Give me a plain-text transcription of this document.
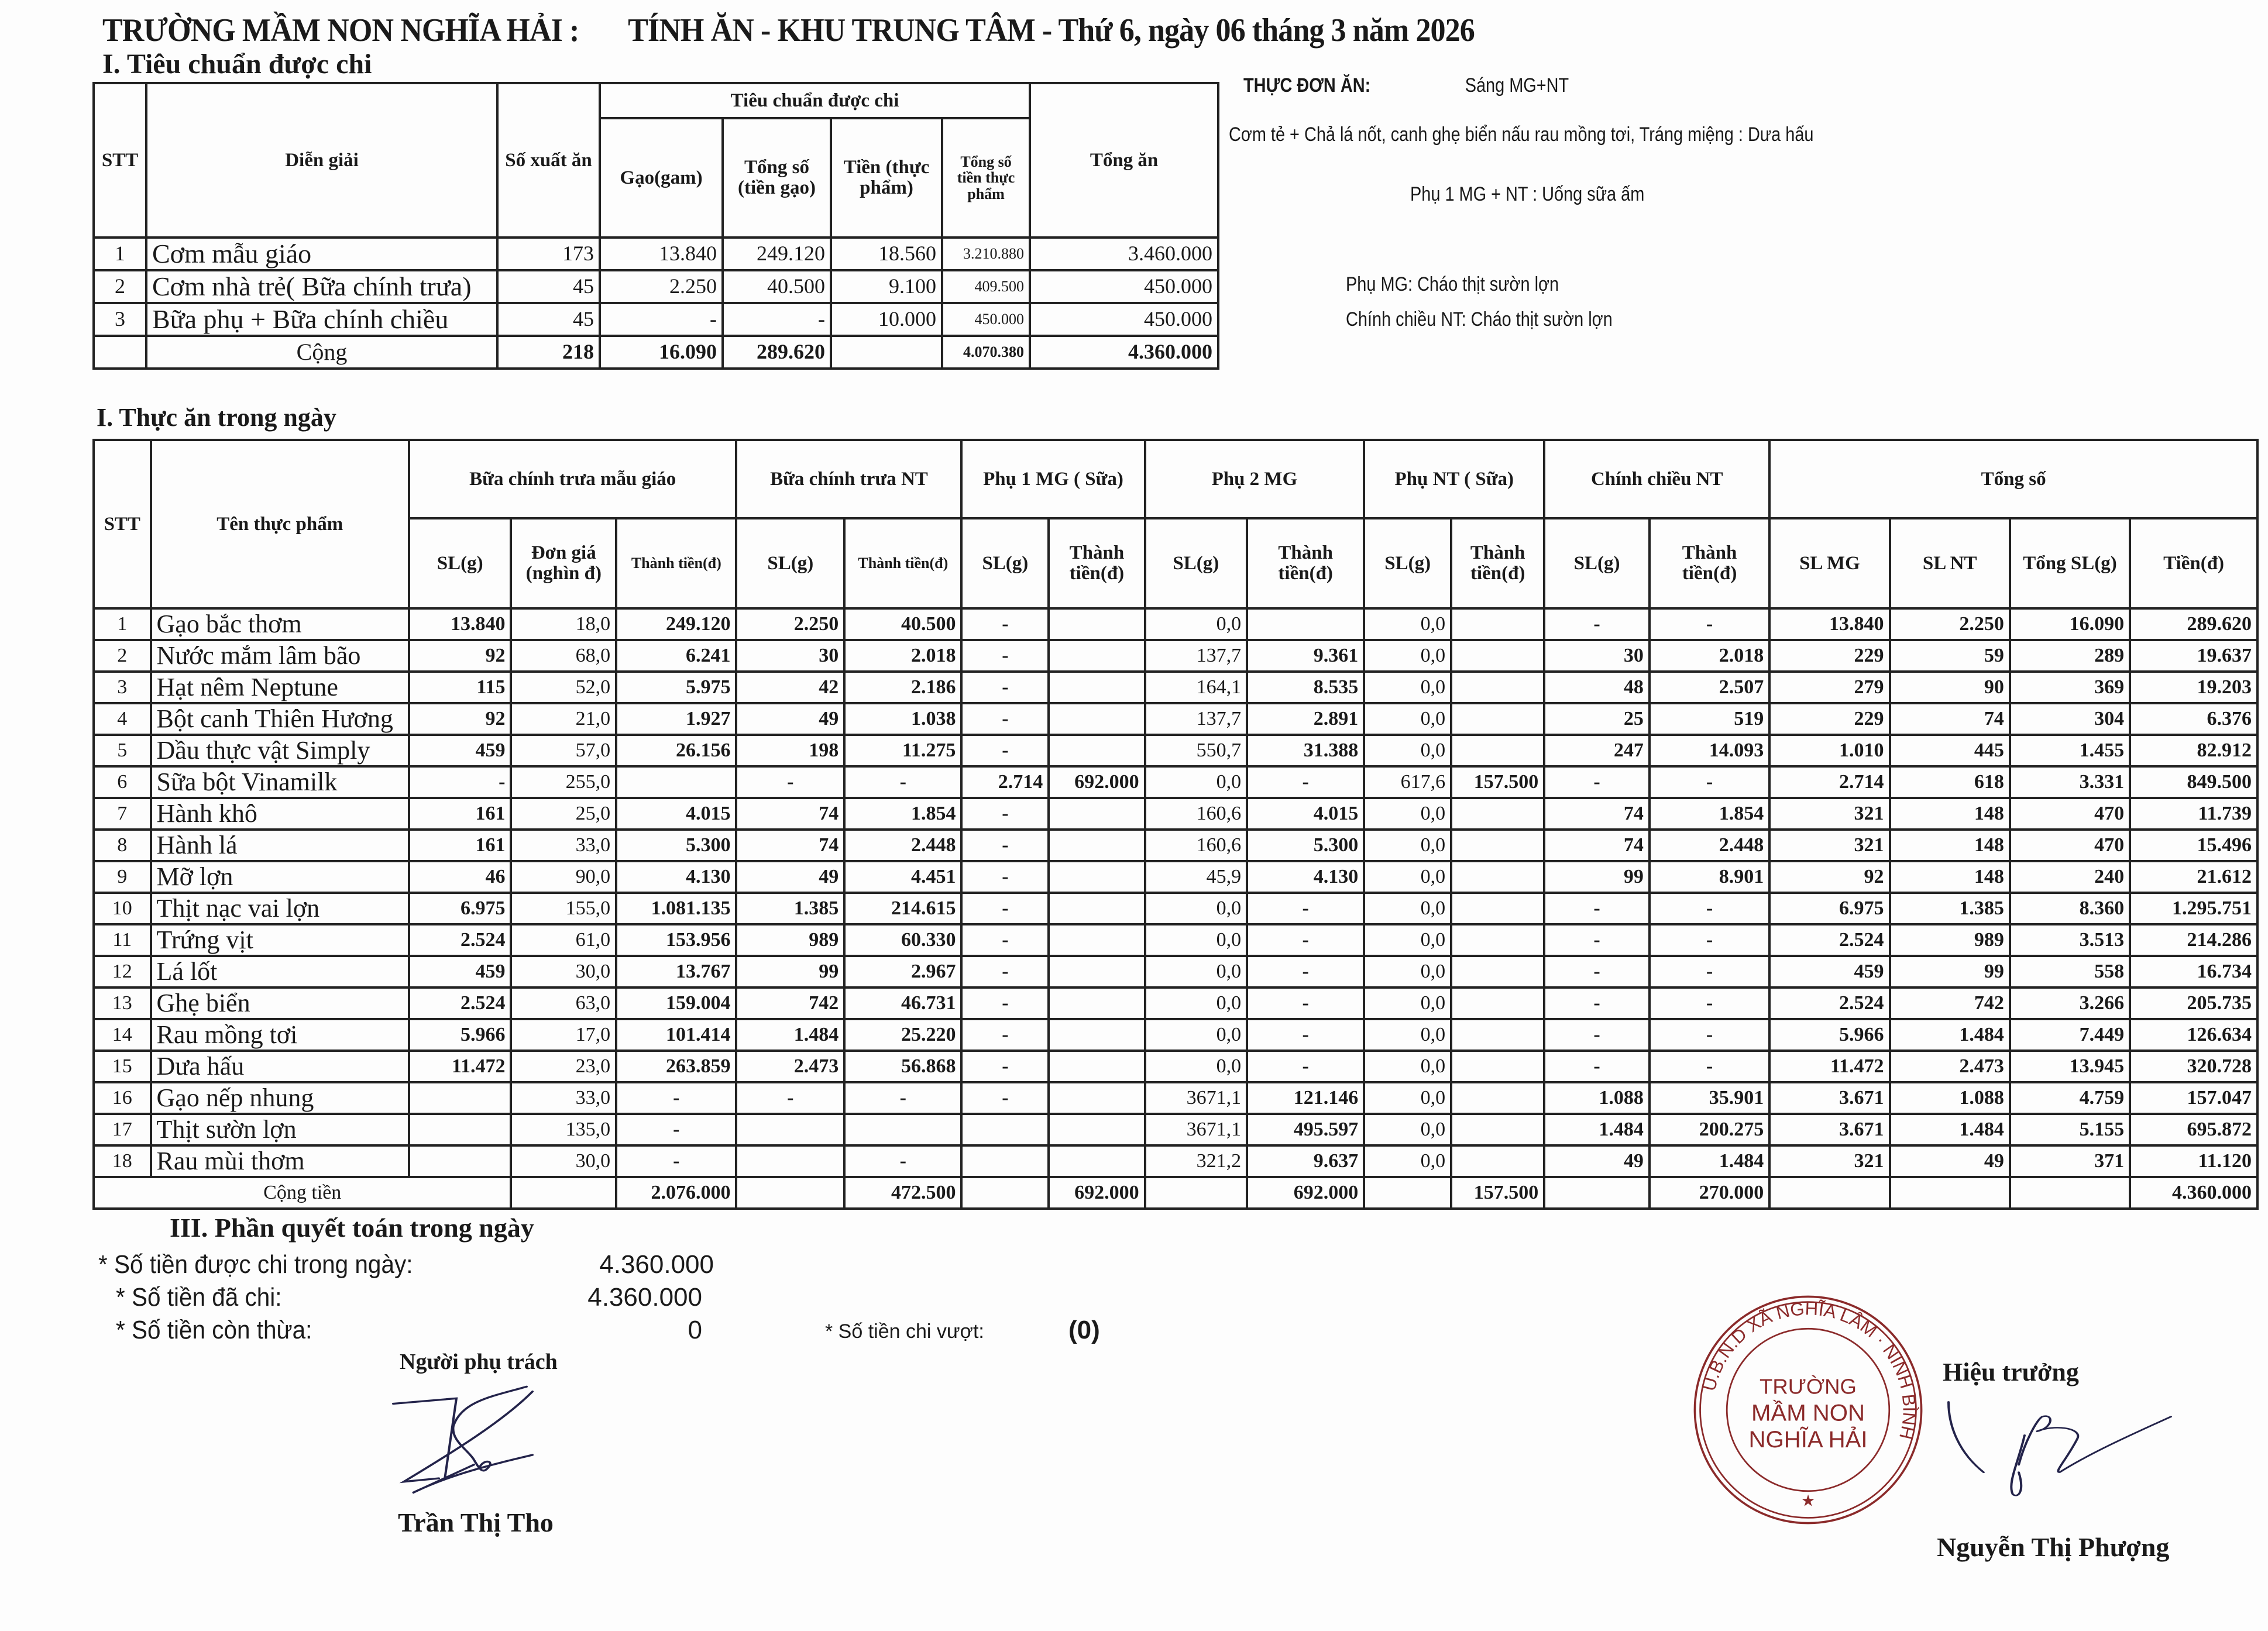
TRƯỜNG MẦM NON NGHĨA HẢI : TÍNH ĂN - KHU TRUNG TÂM - Thứ 6, ngày 06 tháng 3 năm 2026
I. Tiêu chuẩn được chi
STT	Diễn giải	Số xuất ăn	Tiêu chuẩn được chi				Tổng ăn
			Gạo(gam)	Tổng số (tiền gạo)	Tiền (thực phẩm)	Tổng số tiền thực phẩm	
1	Cơm mẫu giáo	173	13.840	249.120	18.560	3.210.880	3.460.000
2	Cơm nhà trẻ( Bữa chính trưa)	45	2.250	40.500	9.100	409.500	450.000
3	Bữa phụ + Bữa chính chiều	45	-	-	10.000	450.000	450.000
	Cộng	218	16.090	289.620		4.070.380	4.360.000
THỰC ĐƠN ĂN:	Sáng MG+NT
Cơm tẻ + Chả lá nốt, canh ghẹ biển nấu rau mồng tơi, Tráng miệng : Dưa hấu
Phụ 1 MG + NT : Uống sữa ấm
Phụ MG: Cháo thịt sườn lợn
Chính chiều NT: Cháo thịt sườn lợn
I. Thực ăn trong ngày
STT	Tên thực phẩm	Bữa chính trưa mẫu giáo			Bữa chính trưa NT		Phụ 1 MG ( Sữa)		Phụ 2 MG		Phụ NT ( Sữa)		Chính chiều NT		Tổng số			
		SL(g)	Đơn giá (nghìn đ)	Thành tiền(đ)	SL(g)	Thành tiền(đ)	SL(g)	Thành tiền(đ)	SL(g)	Thành tiền(đ)	SL(g)	Thành tiền(đ)	SL(g)	Thành tiền(đ)	SL MG	SL NT	Tổng SL(g)	Tiền(đ)
1	Gạo bắc thơm	13.840	18,0	249.120	2.250	40.500	-		0,0		0,0		-	-	13.840	2.250	16.090	289.620
2	Nước mắm lâm bão	92	68,0	6.241	30	2.018	-		137,7	9.361	0,0		30	2.018	229	59	289	19.637
3	Hạt nêm Neptune	115	52,0	5.975	42	2.186	-		164,1	8.535	0,0		48	2.507	279	90	369	19.203
4	Bột canh Thiên Hương	92	21,0	1.927	49	1.038	-		137,7	2.891	0,0		25	519	229	74	304	6.376
5	Dầu thực vật Simply	459	57,0	26.156	198	11.275	-		550,7	31.388	0,0		247	14.093	1.010	445	1.455	82.912
6	Sữa bột Vinamilk	-	255,0		-	-	2.714	692.000	0,0	-	617,6	157.500	-	-	2.714	618	3.331	849.500
7	Hành khô	161	25,0	4.015	74	1.854	-		160,6	4.015	0,0		74	1.854	321	148	470	11.739
8	Hành lá	161	33,0	5.300	74	2.448	-		160,6	5.300	0,0		74	2.448	321	148	470	15.496
9	Mỡ lợn	46	90,0	4.130	49	4.451	-		45,9	4.130	0,0		99	8.901	92	148	240	21.612
10	Thịt nạc vai lợn	6.975	155,0	1.081.135	1.385	214.615	-		0,0	-	0,0		-	-	6.975	1.385	8.360	1.295.751
11	Trứng vịt	2.524	61,0	153.956	989	60.330	-		0,0	-	0,0		-	-	2.524	989	3.513	214.286
12	Lá lốt	459	30,0	13.767	99	2.967	-		0,0	-	0,0		-	-	459	99	558	16.734
13	Ghẹ biển	2.524	63,0	159.004	742	46.731	-		0,0	-	0,0		-	-	2.524	742	3.266	205.735
14	Rau mồng tơi	5.966	17,0	101.414	1.484	25.220	-		0,0	-	0,0		-	-	5.966	1.484	7.449	126.634
15	Dưa hấu	11.472	23,0	263.859	2.473	56.868	-		0,0	-	0,0		-	-	11.472	2.473	13.945	320.728
16	Gạo nếp nhung		33,0	-	-	-	-		3671,1	121.146	0,0		1.088	35.901	3.671	1.088	4.759	157.047
17	Thịt sườn lợn		135,0	-					3671,1	495.597	0,0		1.484	200.275	3.671	1.484	5.155	695.872
18	Rau mùi thơm		30,0	-		-			321,2	9.637	0,0		49	1.484	321	49	371	11.120
Cộng tiền				2.076.000		472.500		692.000		692.000		157.500		270.000				4.360.000
III. Phần quyết toán trong ngày
* Số tiền được chi trong ngày:	4.360.000
* Số tiền đã chi:	4.360.000
* Số tiền còn thừa:	0	* Số tiền chi vượt:	(0)
Người phụ trách
Trần Thị Tho
U.B.N.D XÃ NGHĨA LÂM · NINH BÌNH
TRƯỜNG
MẦM NON
NGHĨA HẢI
★
Hiệu trưởng
Nguyễn Thị Phượng
